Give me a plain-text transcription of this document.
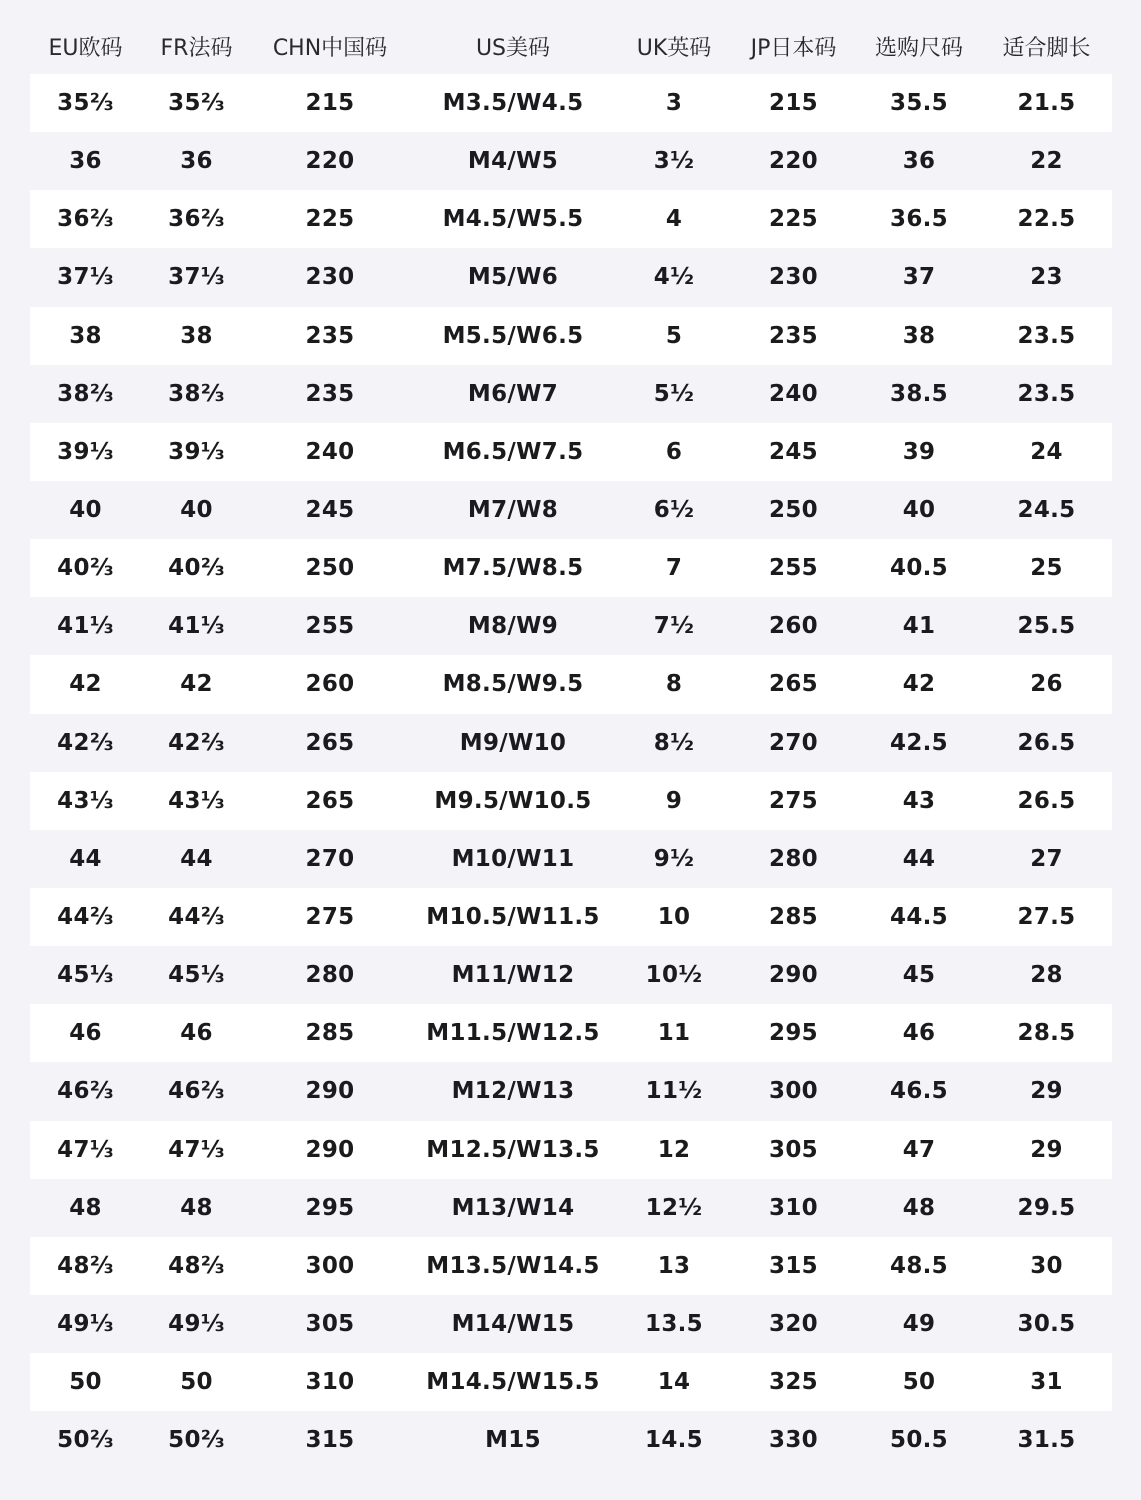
EU欧码	FR法码	CHN中国码	US美码	UK英码	JP日本码	选购尺码	适合脚长
35⅔	35⅔	215	M3.5/W4.5	3	215	35.5	21.5
36	36	220	M4/W5	3½	220	36	22
36⅔	36⅔	225	M4.5/W5.5	4	225	36.5	22.5
37⅓	37⅓	230	M5/W6	4½	230	37	23
38	38	235	M5.5/W6.5	5	235	38	23.5
38⅔	38⅔	235	M6/W7	5½	240	38.5	23.5
39⅓	39⅓	240	M6.5/W7.5	6	245	39	24
40	40	245	M7/W8	6½	250	40	24.5
40⅔	40⅔	250	M7.5/W8.5	7	255	40.5	25
41⅓	41⅓	255	M8/W9	7½	260	41	25.5
42	42	260	M8.5/W9.5	8	265	42	26
42⅔	42⅔	265	M9/W10	8½	270	42.5	26.5
43⅓	43⅓	265	M9.5/W10.5	9	275	43	26.5
44	44	270	M10/W11	9½	280	44	27
44⅔	44⅔	275	M10.5/W11.5	10	285	44.5	27.5
45⅓	45⅓	280	M11/W12	10½	290	45	28
46	46	285	M11.5/W12.5	11	295	46	28.5
46⅔	46⅔	290	M12/W13	11½	300	46.5	29
47⅓	47⅓	290	M12.5/W13.5	12	305	47	29
48	48	295	M13/W14	12½	310	48	29.5
48⅔	48⅔	300	M13.5/W14.5	13	315	48.5	30
49⅓	49⅓	305	M14/W15	13.5	320	49	30.5
50	50	310	M14.5/W15.5	14	325	50	31
50⅔	50⅔	315	M15	14.5	330	50.5	31.5
